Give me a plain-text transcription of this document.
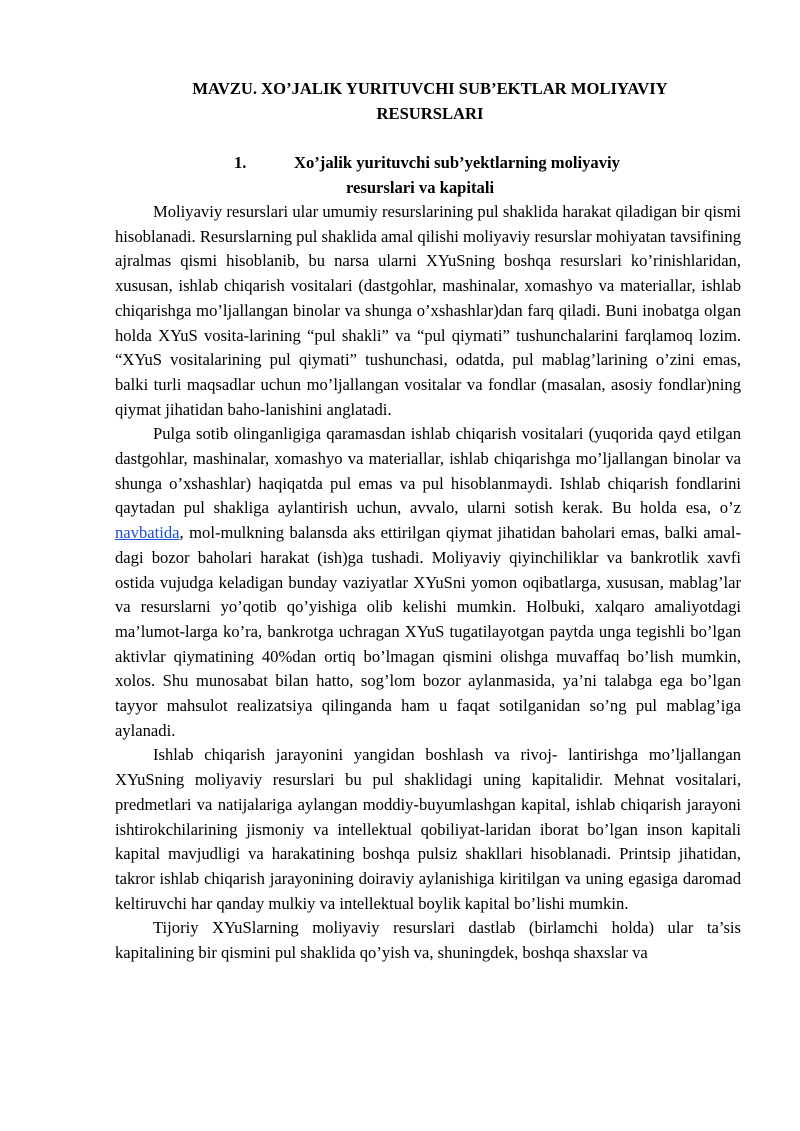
MAVZU. XO’JALIK YURITUVCHI SUB’EKTLAR MOLIYAVIY
RESURSLARI
1.	Xo’jalik yurituvchi sub’yektlarning moliyaviy
resurslari va kapitali

Moliyaviy resurslari ular umumiy resurslarining pul shaklida harakat qiladigan bir qismi hisoblanadi. Resurslarning pul shaklida amal qilishi moliyaviy resurslar mohiyatan tavsifining ajralmas qismi hisoblanib, bu narsa ularni XYuSning boshqa resurslari ko’rinishlaridan, xususan, ishlab chiqarish vositalari (dastgohlar, mashinalar, xomashyo va materiallar, ishlab chiqarishga mo’ljallangan binolar va shunga o’xshashlar)dan farq qiladi. Buni inobatga olgan holda XYuS vosita-larining “pul shakli” va “pul qiymati” tushunchalarini farqlamoq lozim. “XYuS vositalarining pul qiymati” tushunchasi, odatda, pul mablag’larining o’zini emas, balki turli maqsadlar uchun mo’ljallangan vositalar va fondlar (masalan, asosiy fondlar)ning qiymat jihatidan baho-lanishini anglatadi.

Pulga sotib olinganligiga qaramasdan ishlab chiqarish vositalari (yuqorida qayd etilgan dastgohlar, mashinalar, xomashyo va materiallar, ishlab chiqarishga mo’ljallangan binolar va shunga o’xshashlar) haqiqatda pul emas va pul hisoblanmaydi. Ishlab chiqarish fondlarini qaytadan pul shakliga aylantirish uchun, avvalo, ularni sotish kerak. Bu holda esa, o’z navbatida, mol-mulkning balansda aks ettirilgan qiymat jihatidan baholari emas, balki amal- dagi bozor baholari harakat (ish)ga tushadi. Moliyaviy qiyinchiliklar va bankrotlik xavfi ostida vujudga keladigan bunday vaziyatlar XYuSni yomon oqibatlarga, xususan, mablag’lar va resurslarni yo’qotib qo’yishiga olib kelishi mumkin. Holbuki, xalqaro amaliyotdagi ma’lumot-larga ko’ra, bankrotga uchragan XYuS tugatilayotgan paytda unga tegishli bo’lgan aktivlar qiymatining 40%dan ortiq bo’lmagan qismini olishga muvaffaq bo’lish mumkin, xolos. Shu munosabat bilan hatto, sog’lom bozor aylanmasida, ya’ni talabga ega bo’lgan tayyor mahsulot realizatsiya qilinganda ham u faqat sotilganidan so’ng pul mablag’iga aylanadi.

Ishlab chiqarish jarayonini yangidan boshlash va rivoj- lantirishga mo’ljallangan XYuSning moliyaviy resurslari bu pul shaklidagi uning kapitalidir. Mehnat vositalari, predmetlari va natijalariga aylangan moddiy-buyumlashgan kapital, ishlab chiqarish jarayoni ishtirokchilarining jismoniy va intellektual qobiliyat-laridan iborat bo’lgan inson kapitali kapital mavjudligi va harakatining boshqa pulsiz shakllari hisoblanadi. Printsip jihatidan, takror ishlab chiqarish jarayonining doiraviy aylanishiga kiritilgan va uning egasiga daromad keltiruvchi har qanday mulkiy va intellektual boylik kapital bo’lishi mumkin.

Tijoriy XYuSlarning moliyaviy resurslari dastlab (birlamchi holda) ular ta’sis kapitalining bir qismini pul shaklida qo’yish va, shuningdek, boshqa shaxslar va
